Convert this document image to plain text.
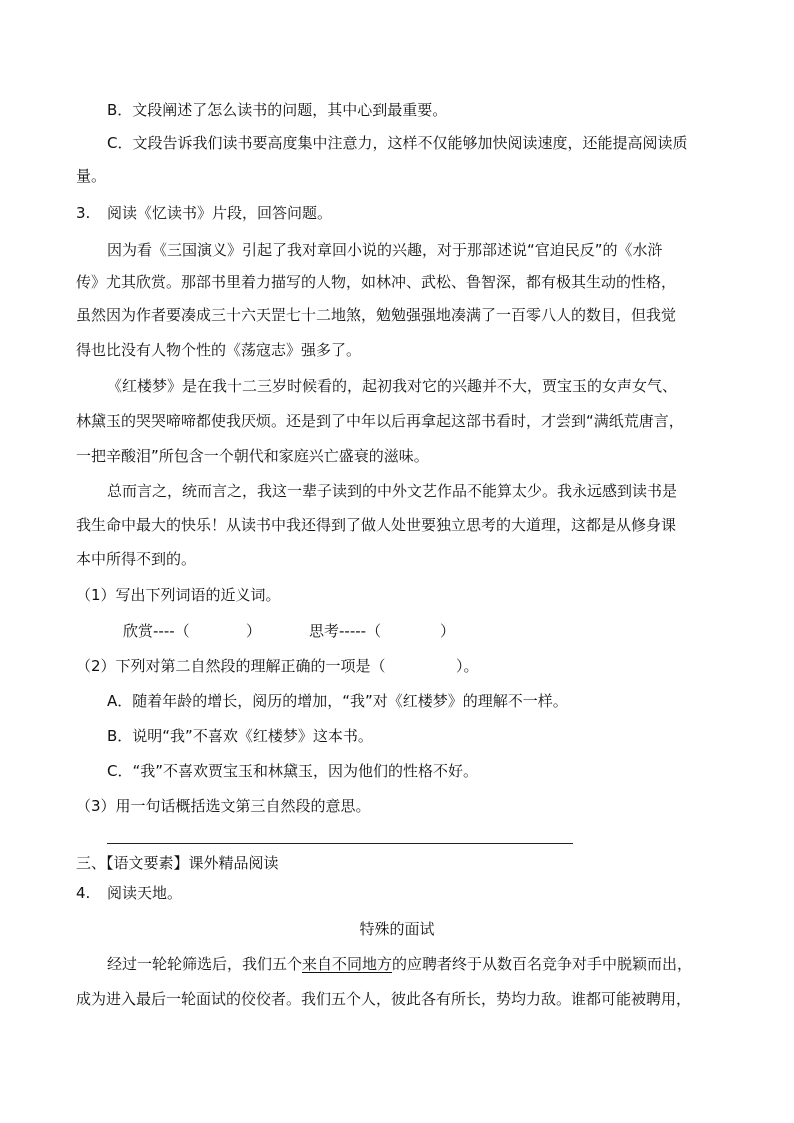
B．文段阐述了怎么读书的问题，其中心到最重要。
C．文段告诉我们读书要高度集中注意力，这样不仅能够加快阅读速度，还能提高阅读质
量。
3. 阅读《忆读书》片段，回答问题。
因为看《三国演义》引起了我对章回小说的兴趣，对于那部述说“官迫民反”的《水浒
传》尤其欣赏。那部书里着力描写的人物，如林冲、武松、鲁智深，都有极其生动的性格，
虽然因为作者要凑成三十六天罡七十二地煞，勉勉强强地凑满了一百零八人的数目，但我觉
得也比没有人物个性的《荡寇志》强多了。
《红楼梦》是在我十二三岁时候看的，起初我对它的兴趣并不大，贾宝玉的女声女气、
林黛玉的哭哭啼啼都使我厌烦。还是到了中年以后再拿起这部书看时，才尝到“满纸荒唐言，
一把辛酸泪”所包含一个朝代和家庭兴亡盛衰的滋味。
总而言之，统而言之，我这一辈子读到的中外文艺作品不能算太少。我永远感到读书是
我生命中最大的快乐！从读书中我还得到了做人处世要独立思考的大道理，这都是从修身课
本中所得不到的。
（1）写出下列词语的近义词。
欣赏----（	）	思考-----（	）
（2）下列对第二自然段的理解正确的一项是（	）。
A．随着年龄的增长，阅历的增加，“我”对《红楼梦》的理解不一样。
B．说明“我”不喜欢《红楼梦》这本书。
C．“我”不喜欢贾宝玉和林黛玉，因为他们的性格不好。
（3）用一句话概括选文第三自然段的意思。
三、【语文要素】课外精品阅读
4. 阅读天地。
特殊的面试
经过一轮轮筛选后，我们五个来自不同地方的应聘者终于从数百名竞争对手中脱颖而出，
成为进入最后一轮面试的佼佼者。我们五个人，彼此各有所长，势均力敌。谁都可能被聘用，
